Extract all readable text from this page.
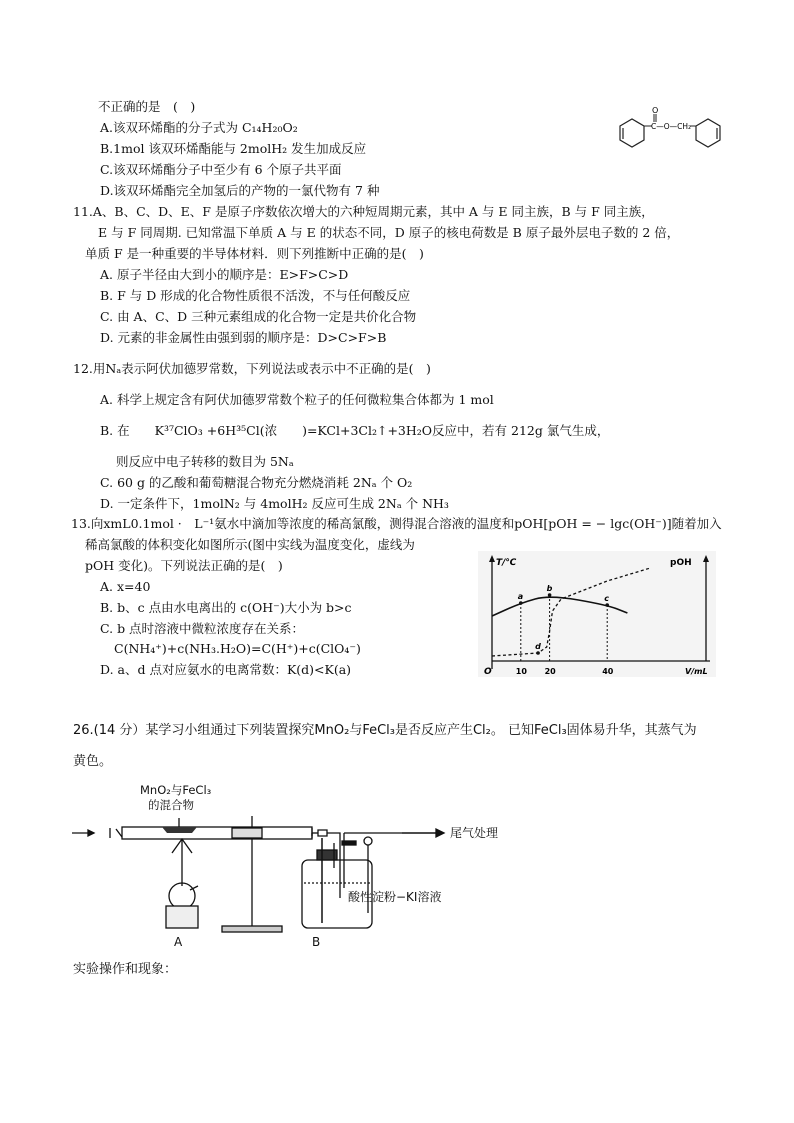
不正确的是　(　)
A.该双环烯酯的分子式为 C₁₄H₂₀O₂
B.1mol 该双环烯酯能与 2molH₂ 发生加成反应
C.该双环烯酯分子中至少有 6 个原子共平面
D.该双环烯酯完全加氢后的产物的一氯代物有 7 种
O
C—O—CH₂
11.A、B、C、D、E、F 是原子序数依次增大的六种短周期元素，其中 A 与 E 同主族，B 与 F 同主族，
E 与 F 同周期. 已知常温下单质 A 与 E 的状态不同，D 原子的核电荷数是 B 原子最外层电子数的 2 倍，
单质 F 是一种重要的半导体材料．则下列推断中正确的是(　)
A. 原子半径由大到小的顺序是：E>F>C>D
B. F 与 D 形成的化合物性质很不活泼，不与任何酸反应
C. 由 A、C、D 三种元素组成的化合物一定是共价化合物
D. 元素的非金属性由强到弱的顺序是：D>C>F>B
12.用Nₐ表示阿伏加德罗常数，下列说法或表示中不正确的是(　)
A. 科学上规定含有阿伏加德罗常数个粒子的任何微粒集合体都为 1 mol
B. 在　　K³⁷ClO₃ +6H³⁵Cl(浓　　)=KCl+3Cl₂↑+3H₂O反应中，若有 212g 氯气生成，
则反应中电子转移的数目为 5Nₐ
C. 60 g 的乙酸和葡萄糖混合物充分燃烧消耗 2Nₐ 个 O₂
D. 一定条件下，1molN₂ 与 4molH₂ 反应可生成 2Nₐ 个 NH₃
13.向xmL0.1mol ·　L⁻¹氨水中滴加等浓度的稀高氯酸，测得混合溶液的温度和pOH[pOH = − lgc(OH⁻)]随着加入
稀高氯酸的体积变化如图所示(图中实线为温度变化，虚线为
pOH 变化)。下列说法正确的是(　)
A. x=40
B. b、c 点由水电离出的 c(OH⁻)大小为 b>c
C. b 点时溶液中微粒浓度存在关系：
C(NH₄⁺)+c(NH₃.H₂O)=C(H⁺)+c(ClO₄⁻)
D. a、d 点对应氨水的电离常数：K(d)<K(a)
T/℃	pOH
V/mL
O	10 20	40
a
b
c
d
26.(14 分）某学习小组通过下列装置探究MnO₂与FeCl₃是否反应产生Cl₂。 已知FeCl₃固体易升华，其蒸气为
黄色。
MnO₂与FeCl₃
的混合物
尾气处理
酸性淀粉−KI溶液
A	B
实验操作和现象：
